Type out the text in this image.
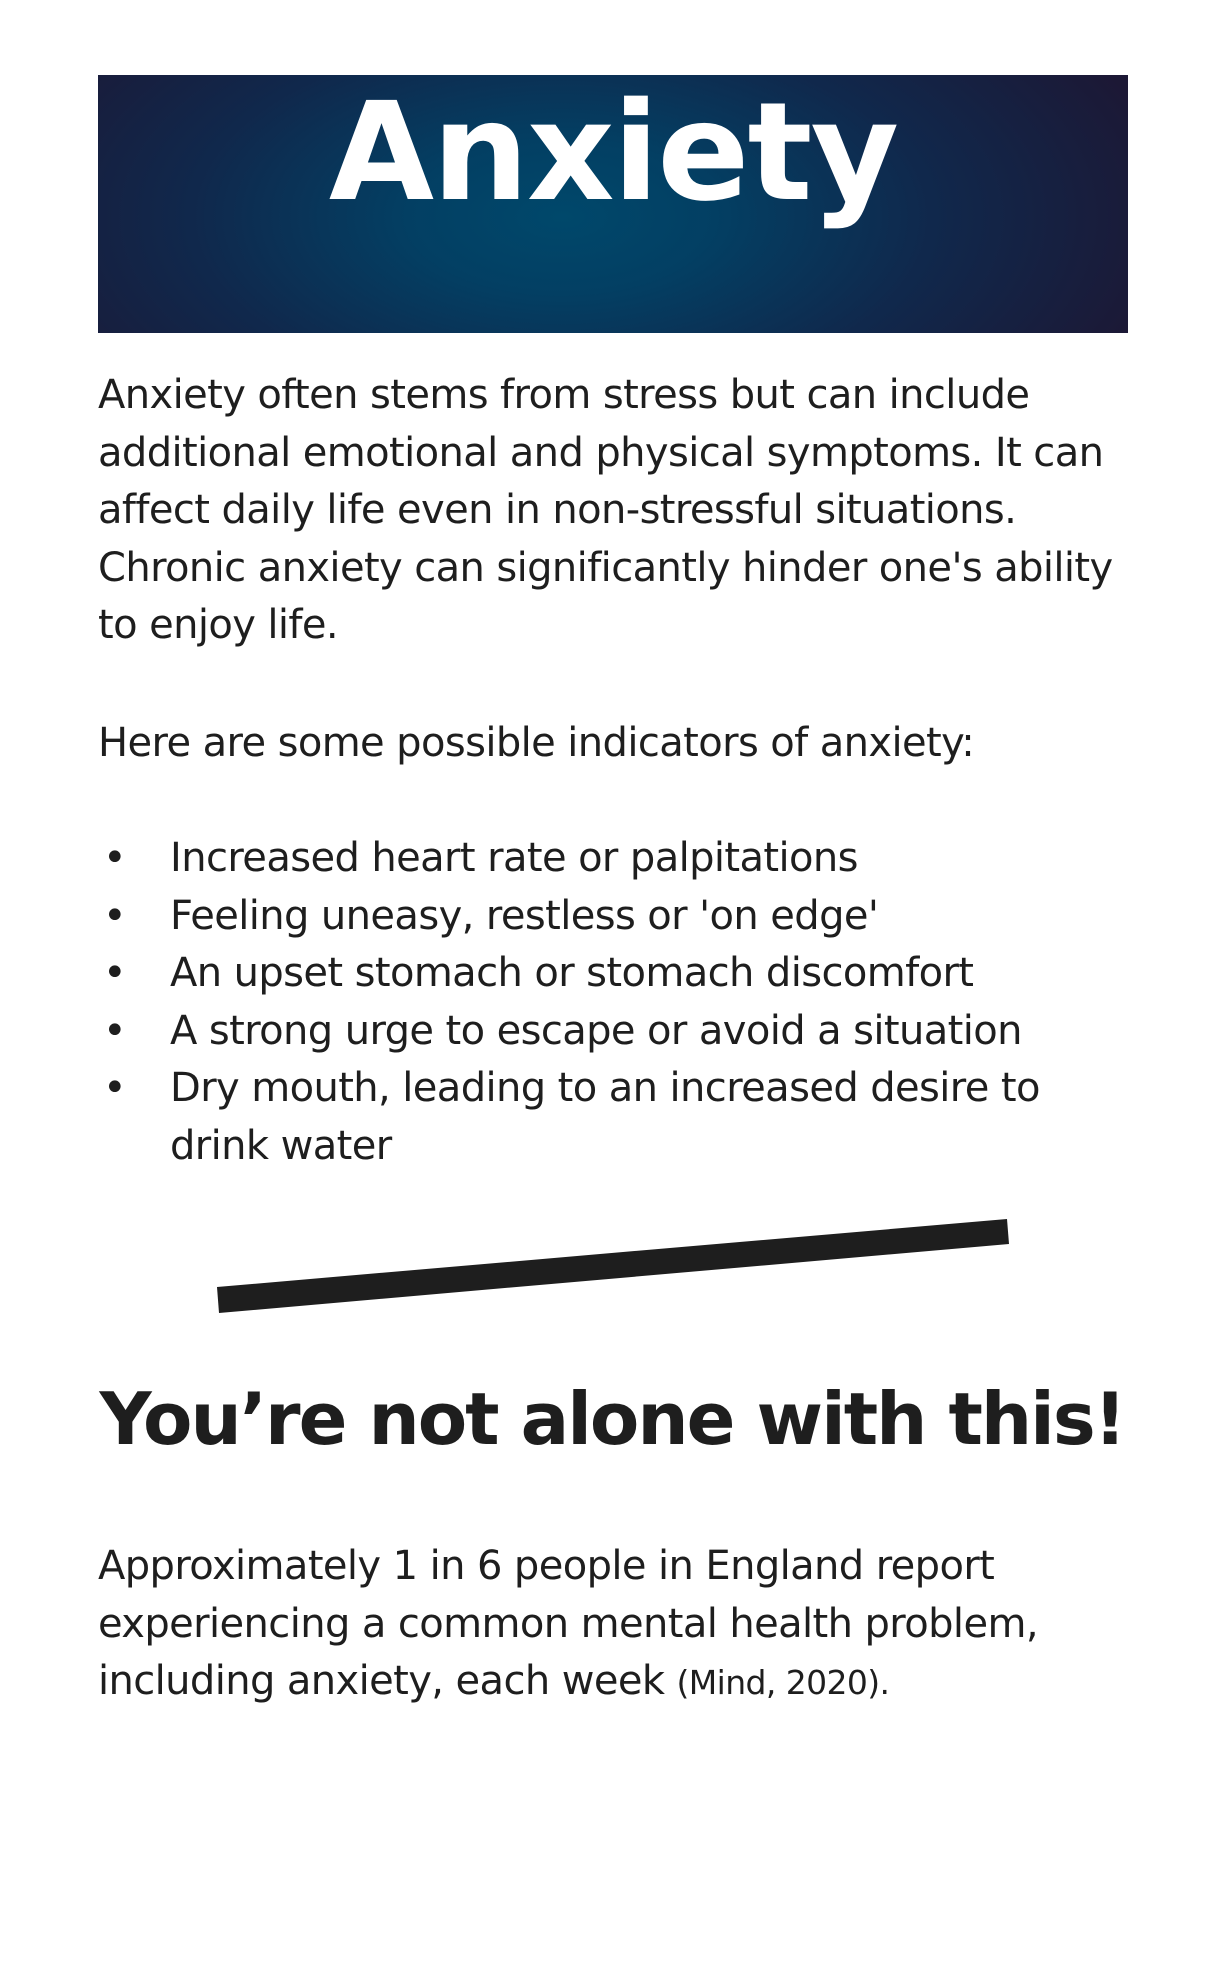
Anxiety

Anxiety often stems from stress but can include additional emotional and physical symptoms. It can affect daily life even in non-stressful situations. Chronic anxiety can significantly hinder one's ability to enjoy life.

Here are some possible indicators of anxiety:

• Increased heart rate or palpitations
• Feeling uneasy, restless or 'on edge'
• An upset stomach or stomach discomfort
• A strong urge to escape or avoid a situation
• Dry mouth, leading to an increased desire to drink water
You’re not alone with this!

Approximately 1 in 6 people in England report experiencing a common mental health problem, including anxiety, each week (Mind, 2020).
